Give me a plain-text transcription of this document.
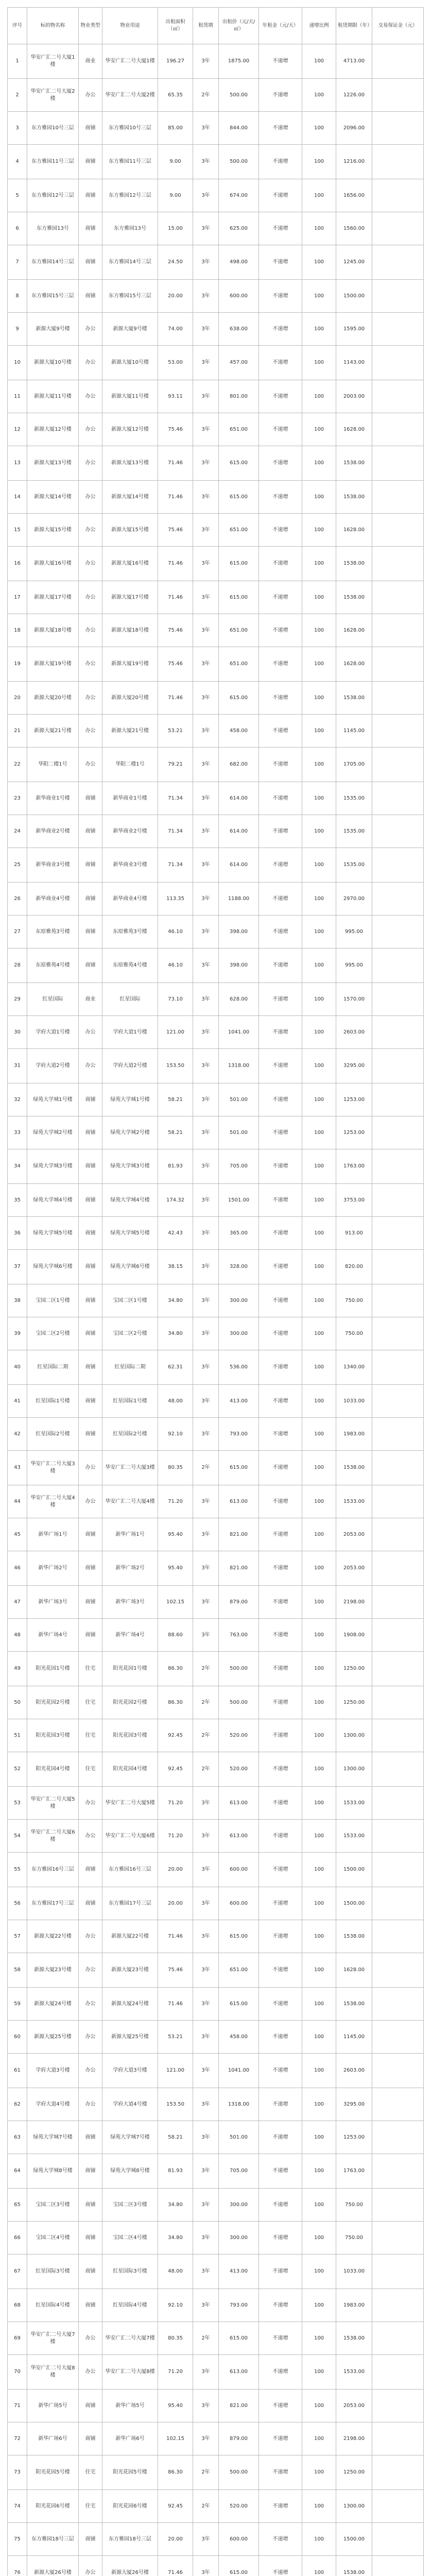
序号	标的物名称	物业类型	物业用途	出租面积（㎡）	租赁期	出租价（元/天/㎡）	年租金（元/天）	递增比例	租赁期限（年）	交易保证金（元）
1	华安广汇二号大厦1楼	商业	华安广汇二号大厦1楼	196.27	3年	1875.00	不递增	100	4713.00	
2	华安广汇二号大厦2楼	办公	华安广汇二号大厦2楼	65.35	2年	500.00	不递增	100	1226.00	
3	东方雅园10号三层	商铺	东方雅园10号三层	85.00	3年	844.00	不递增	100	2096.00	
4	东方雅园11号三层	商铺	东方雅园11号三层	9.00	3年	500.00	不递增	100	1216.00	
5	东方雅园12号三层	商铺	东方雅园12号三层	9.00	3年	674.00	不递增	100	1656.00	
6	东方雅园13号	商铺	东方雅园13号	15.00	3年	625.00	不递增	100	1560.00	
7	东方雅园14号三层	商铺	东方雅园14号三层	24.50	3年	498.00	不递增	100	1245.00	
8	东方雅园15号三层	商铺	东方雅园15号三层	20.00	3年	600.00	不递增	100	1500.00	
9	新源大厦9号楼	办公	新源大厦9号楼	74.00	3年	638.00	不递增	100	1595.00	
10	新源大厦10号楼	办公	新源大厦10号楼	53.00	3年	457.00	不递增	100	1143.00	
11	新源大厦11号楼	办公	新源大厦11号楼	93.11	3年	801.00	不递增	100	2003.00	
12	新源大厦12号楼	办公	新源大厦12号楼	75.46	3年	651.00	不递增	100	1628.00	
13	新源大厦13号楼	办公	新源大厦13号楼	71.46	3年	615.00	不递增	100	1538.00	
14	新源大厦14号楼	办公	新源大厦14号楼	71.46	3年	615.00	不递增	100	1538.00	
15	新源大厦15号楼	办公	新源大厦15号楼	75.46	3年	651.00	不递增	100	1628.00	
16	新源大厦16号楼	办公	新源大厦16号楼	71.46	3年	615.00	不递增	100	1538.00	
17	新源大厦17号楼	办公	新源大厦17号楼	71.46	3年	615.00	不递增	100	1538.00	
18	新源大厦18号楼	办公	新源大厦18号楼	75.46	3年	651.00	不递增	100	1628.00	
19	新源大厦19号楼	办公	新源大厦19号楼	75.46	3年	651.00	不递增	100	1628.00	
20	新源大厦20号楼	办公	新源大厦20号楼	71.46	3年	615.00	不递增	100	1538.00	
21	新源大厦21号楼	办公	新源大厦21号楼	53.21	3年	458.00	不递增	100	1145.00	
22	华阳二楼1号	办公	华阳二楼1号	79.21	3年	682.00	不递增	100	1705.00	
23	新华商业1号楼	商铺	新华商业1号楼	71.34	3年	614.00	不递增	100	1535.00	
24	新华商业2号楼	商铺	新华商业2号楼	71.34	3年	614.00	不递增	100	1535.00	
25	新华商业3号楼	商铺	新华商业3号楼	71.34	3年	614.00	不递增	100	1535.00	
26	新华商业4号楼	商铺	新华商业4号楼	113.35	3年	1188.00	不递增	100	2970.00	
27	东原雅苑3号楼	商铺	东原雅苑3号楼	46.10	3年	398.00	不递增	100	995.00	
28	东原雅苑4号楼	商铺	东原雅苑4号楼	46.10	3年	398.00	不递增	100	995.00	
29	红星国际	商业	红星国际	73.10	3年	628.00	不递增	100	1570.00	
30	学府大道1号楼	办公	学府大道1号楼	121.00	3年	1041.00	不递增	100	2603.00	
31	学府大道2号楼	办公	学府大道2号楼	153.50	3年	1318.00	不递增	100	3295.00	
32	绿苑大学城1号楼	商铺	绿苑大学城1号楼	58.21	3年	501.00	不递增	100	1253.00	
33	绿苑大学城2号楼	商铺	绿苑大学城2号楼	58.21	3年	501.00	不递增	100	1253.00	
34	绿苑大学城3号楼	商铺	绿苑大学城3号楼	81.93	3年	705.00	不递增	100	1763.00	
35	绿苑大学城4号楼	商铺	绿苑大学城4号楼	174.32	3年	1501.00	不递增	100	3753.00	
36	绿苑大学城5号楼	商铺	绿苑大学城5号楼	42.43	3年	365.00	不递增	100	913.00	
37	绿苑大学城6号楼	商铺	绿苑大学城6号楼	38.15	3年	328.00	不递增	100	820.00	
38	宝园二区1号楼	商铺	宝园二区1号楼	34.80	3年	300.00	不递增	100	750.00	
39	宝园二区2号楼	商铺	宝园二区2号楼	34.80	3年	300.00	不递增	100	750.00	
40	红星国际二期	商铺	红星国际二期	62.31	3年	536.00	不递增	100	1340.00	
41	红星国际1号楼	商铺	红星国际1号楼	48.00	3年	413.00	不递增	100	1033.00	
42	红星国际2号楼	商铺	红星国际2号楼	92.10	3年	793.00	不递增	100	1983.00	
43	华安广汇二号大厦3楼	办公	华安广汇二号大厦3楼	80.35	2年	615.00	不递增	100	1538.00	
44	华安广汇二号大厦4楼	办公	华安广汇二号大厦4楼	71.20	3年	613.00	不递增	100	1533.00	
45	新华广场1号	商铺	新华广场1号	95.40	3年	821.00	不递增	100	2053.00	
46	新华广场2号	商铺	新华广场2号	95.40	3年	821.00	不递增	100	2053.00	
47	新华广场3号	商铺	新华广场3号	102.15	3年	879.00	不递增	100	2198.00	
48	新华广场4号	商铺	新华广场4号	88.60	3年	763.00	不递增	100	1908.00	
49	阳光花园1号楼	住宅	阳光花园1号楼	86.30	2年	500.00	不递增	100	1250.00	
50	阳光花园2号楼	住宅	阳光花园2号楼	86.30	2年	500.00	不递增	100	1250.00	
51	阳光花园3号楼	住宅	阳光花园3号楼	92.45	2年	520.00	不递增	100	1300.00	
52	阳光花园4号楼	住宅	阳光花园4号楼	92.45	2年	520.00	不递增	100	1300.00	
53	华安广汇二号大厦5楼	办公	华安广汇二号大厦5楼	71.20	3年	613.00	不递增	100	1533.00	
54	华安广汇二号大厦6楼	办公	华安广汇二号大厦6楼	71.20	3年	613.00	不递增	100	1533.00	
55	东方雅园16号三层	商铺	东方雅园16号三层	20.00	3年	600.00	不递增	100	1500.00	
56	东方雅园17号三层	商铺	东方雅园17号三层	20.00	3年	600.00	不递增	100	1500.00	
57	新源大厦22号楼	办公	新源大厦22号楼	71.46	3年	615.00	不递增	100	1538.00	
58	新源大厦23号楼	办公	新源大厦23号楼	75.46	3年	651.00	不递增	100	1628.00	
59	新源大厦24号楼	办公	新源大厦24号楼	71.46	3年	615.00	不递增	100	1538.00	
60	新源大厦25号楼	办公	新源大厦25号楼	53.21	3年	458.00	不递增	100	1145.00	
61	学府大道3号楼	办公	学府大道3号楼	121.00	3年	1041.00	不递增	100	2603.00	
62	学府大道4号楼	办公	学府大道4号楼	153.50	3年	1318.00	不递增	100	3295.00	
63	绿苑大学城7号楼	商铺	绿苑大学城7号楼	58.21	3年	501.00	不递增	100	1253.00	
64	绿苑大学城8号楼	商铺	绿苑大学城8号楼	81.93	3年	705.00	不递增	100	1763.00	
65	宝园二区3号楼	商铺	宝园二区3号楼	34.80	3年	300.00	不递增	100	750.00	
66	宝园二区4号楼	商铺	宝园二区4号楼	34.80	3年	300.00	不递增	100	750.00	
67	红星国际3号楼	商铺	红星国际3号楼	48.00	3年	413.00	不递增	100	1033.00	
68	红星国际4号楼	商铺	红星国际4号楼	92.10	3年	793.00	不递增	100	1983.00	
69	华安广汇二号大厦7楼	办公	华安广汇二号大厦7楼	80.35	2年	615.00	不递增	100	1538.00	
70	华安广汇二号大厦8楼	办公	华安广汇二号大厦8楼	71.20	3年	613.00	不递增	100	1533.00	
71	新华广场5号	商铺	新华广场5号	95.40	3年	821.00	不递增	100	2053.00	
72	新华广场6号	商铺	新华广场6号	102.15	3年	879.00	不递增	100	2198.00	
73	阳光花园5号楼	住宅	阳光花园5号楼	86.30	2年	500.00	不递增	100	1250.00	
74	阳光花园6号楼	住宅	阳光花园6号楼	92.45	2年	520.00	不递增	100	1300.00	
75	东方雅园18号三层	商铺	东方雅园18号三层	20.00	3年	600.00	不递增	100	1500.00	
76	新源大厦26号楼	办公	新源大厦26号楼	71.46	3年	615.00	不递增	100	1538.00	
